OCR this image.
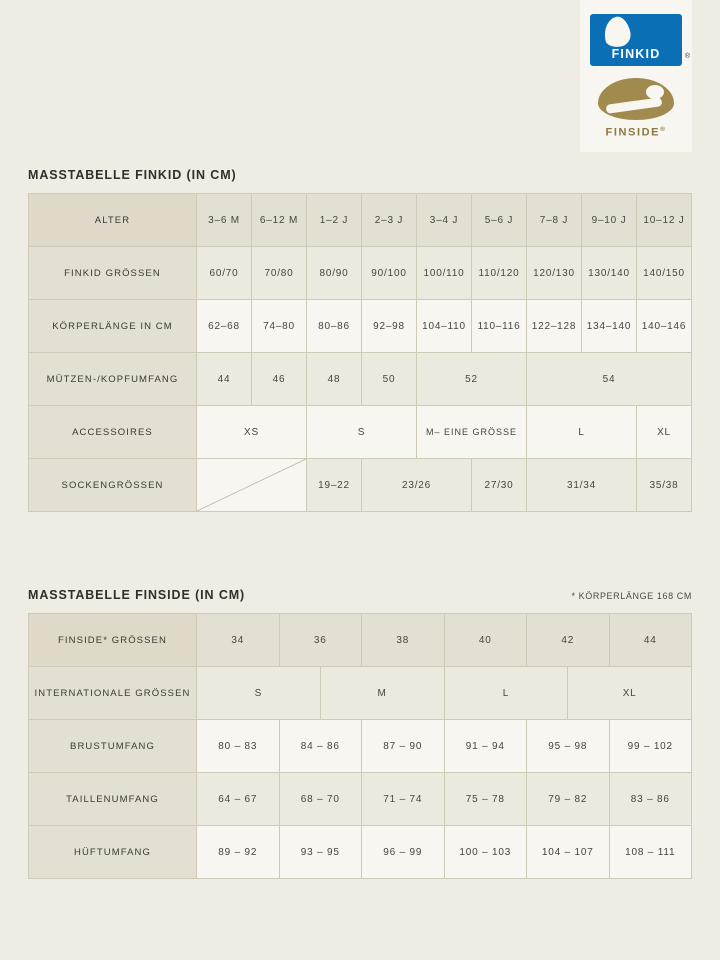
FINKID	®
FINSIDE®
MASSTABELLE FINKID (IN CM)
ALTER	3–6 M	6–12 M	1–2 J	2–3 J	3–4 J	5–6 J	7–8 J	9–10 J	10–12 J
FINKID GRÖSSEN	60/70	70/80	80/90	90/100	100/110	110/120	120/130	130/140	140/150
KÖRPERLÄNGE IN CM	62–68	74–80	80–86	92–98	104–110	110–116	122–128	134–140	140–146
MÜTZEN-/KOPFUMFANG	44	46	48	50	52		54		
ACCESSOIRES	XS		S		M– EINE GRÖSSE		L		XL
SOCKENGRÖSSEN			19–22	23/26		27/30	31/34		35/38
MASSTABELLE FINSIDE (IN CM)	* KÖRPERLÄNGE 168 CM
FINSIDE* GRÖSSEN	34	36		38	40	42		44
INTERNATIONALE GRÖSSEN	S		M		L		XL	
BRUSTUMFANG	80 – 83	84 – 86		87 – 90	91 – 94	95 – 98		99 – 102
TAILLENUMFANG	64 – 67	68 – 70		71 – 74	75 – 78	79 – 82		83 – 86
HÜFTUMFANG	89 – 92	93 – 95		96 – 99	100 – 103	104 – 107		108 – 111
